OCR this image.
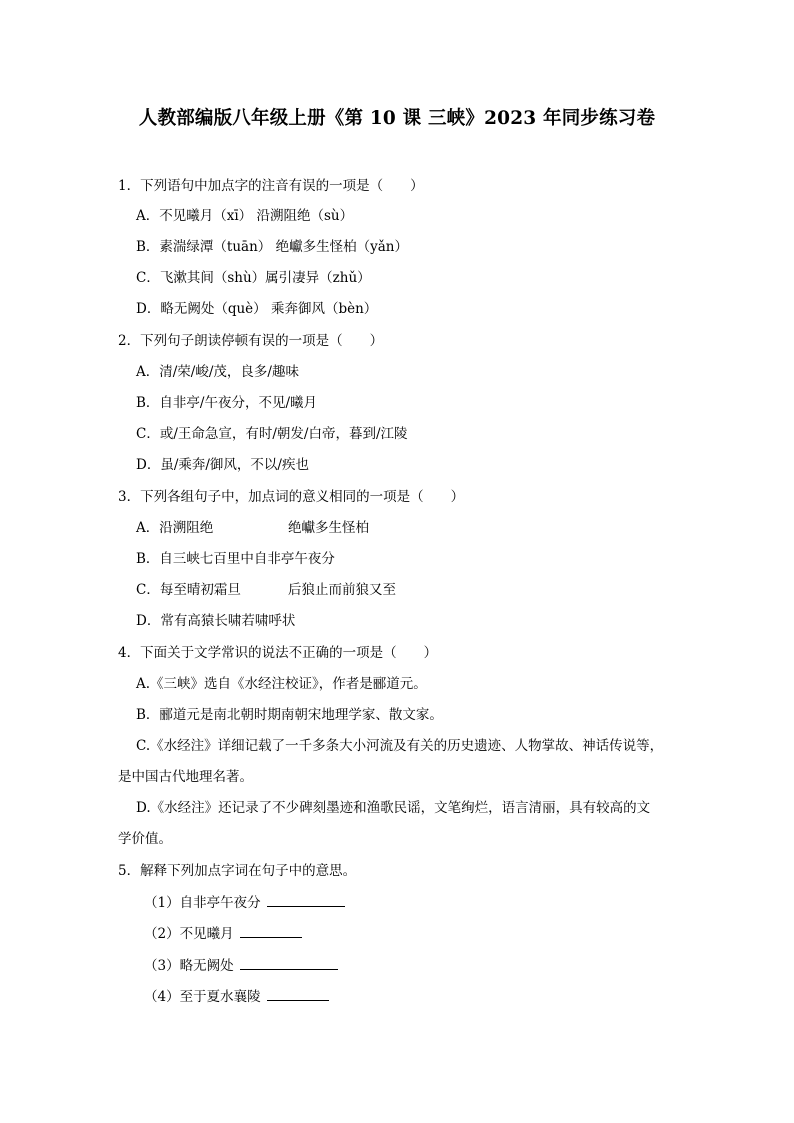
人教部编版八年级上册《第 10 课 三峡》2023 年同步练习卷
1．下列语句中加点字的注音有误的一项是（　　）
A．不见曦月（xī） 沿溯阻绝（sù）
B．素湍绿潭（tuān） 绝巘多生怪柏（yǎn）
C．飞漱其间（shù）属引凄异（zhǔ）
D．略无阙处（què） 乘奔御风（bèn）
2．下列句子朗读停顿有误的一项是（　　）
A．清/荣/峻/茂，良多/趣味
B．自非亭/午夜分，不见/曦月
C．或/王命急宣，有时/朝发/白帝，暮到/江陵
D．虽/乘奔/御风，不以/疾也
3．下列各组句子中，加点词的意义相同的一项是（　　）
A．沿溯阻绝	绝巘多生怪柏
B．自三峡七百里中自非亭午夜分
C．每至晴初霜旦	后狼止而前狼又至
D．常有高猿长啸若啸呼状
4．下面关于文学常识的说法不正确的一项是（　　）
A.《三峡》选自《水经注校证》，作者是郦道元。
B．郦道元是南北朝时期南朝宋地理学家、散文家。
C.《水经注》详细记载了一千多条大小河流及有关的历史遗迹、人物掌故、神话传说等，
是中国古代地理名著。
D.《水经注》还记录了不少碑刻墨迹和渔歌民谣，文笔绚烂，语言清丽，具有较高的文
学价值。
5．解释下列加点字词在句子中的意思。
（1）自非亭午夜分
（2）不见曦月
（3）略无阙处
（4）至于夏水襄陵
